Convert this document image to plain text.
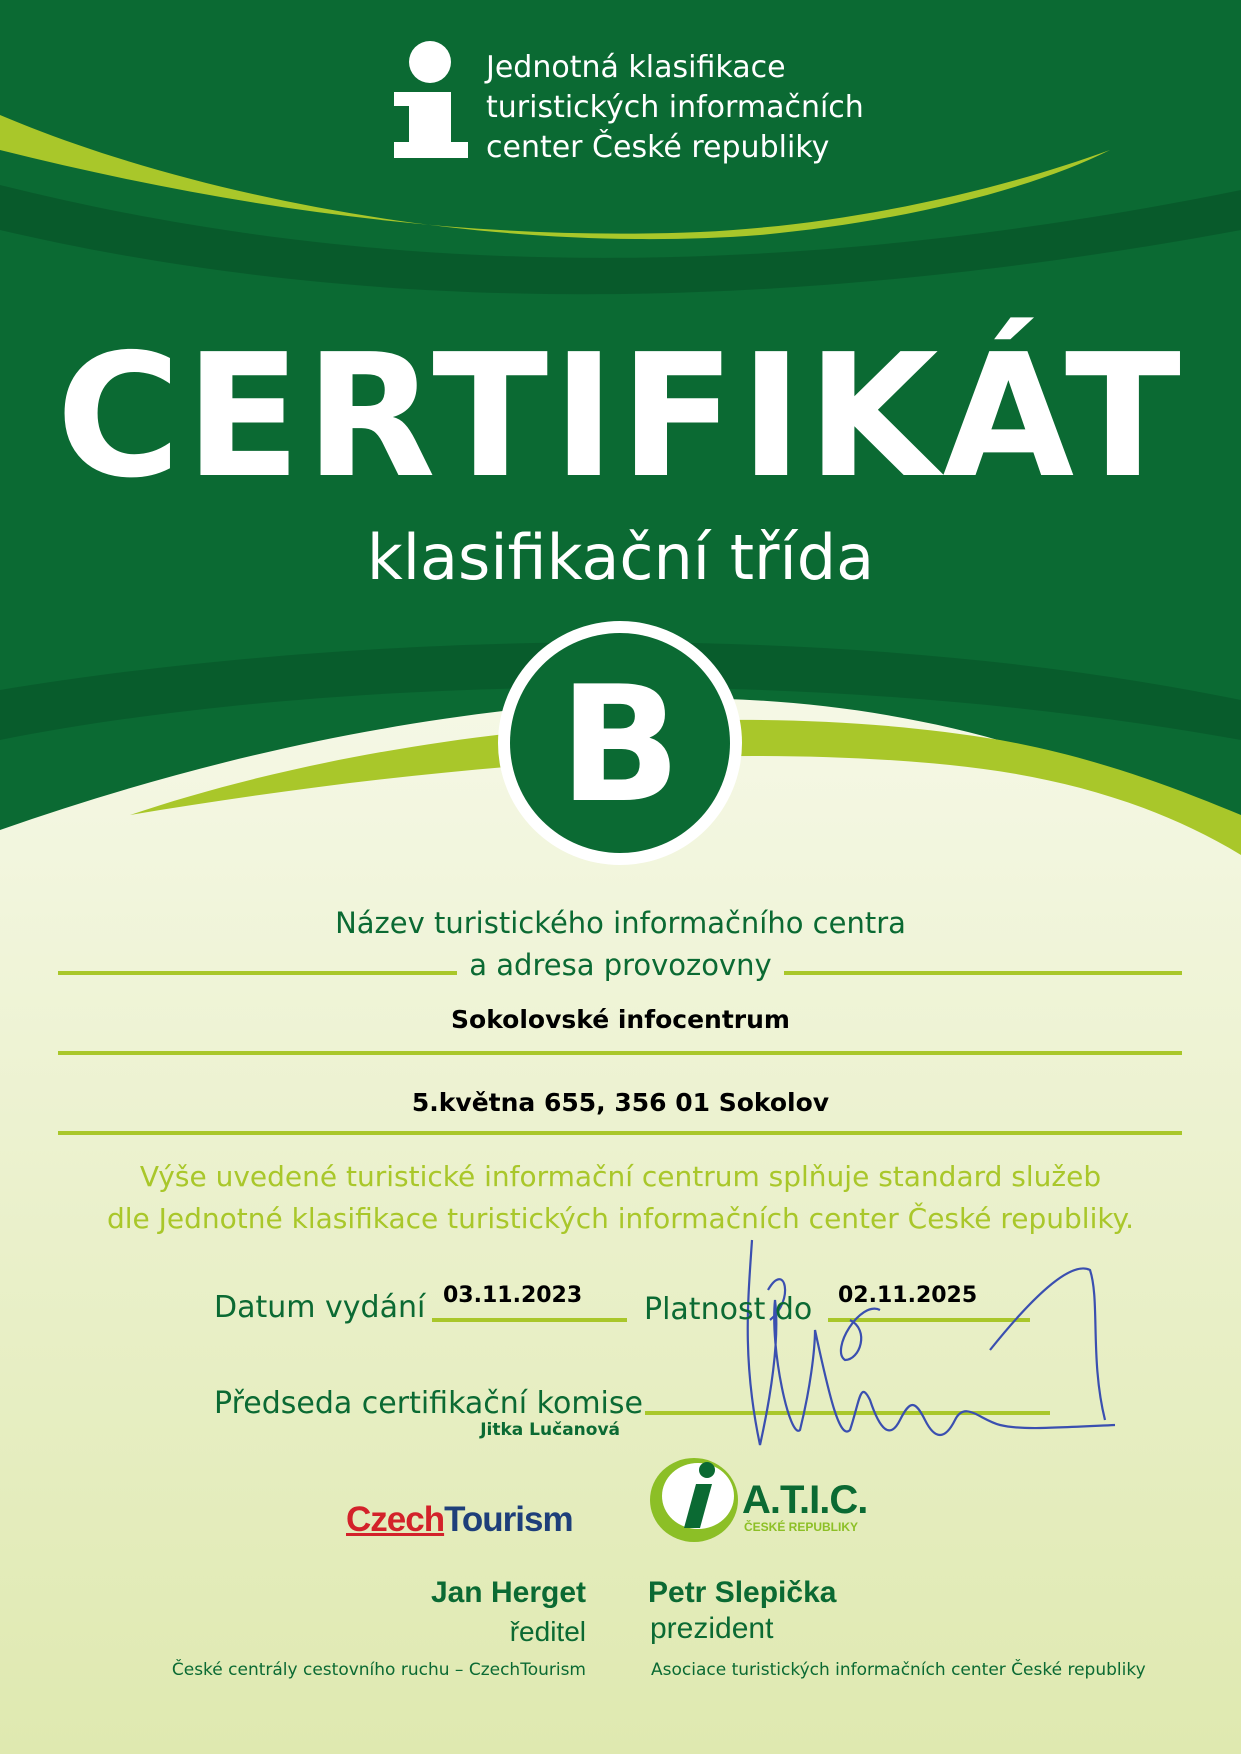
Jednotná klasifikace
turistických informačních
center České republiky
CERTIFIKÁT
klasifikační třída
B
Název turistického informačního centra
a adresa provozovny
Sokolovské infocentrum
5.května 655, 356 01 Sokolov
Výše uvedené turistické informační centrum splňuje standard služeb
dle Jednotné klasifikace turistických informačních center České republiky.
Datum vydání 03.11.2023 Platnost do 02.11.2025
Předseda certifikační komise
Jitka Lučanová
CzechTourism	A.T.I.C.
ČESKÉ REPUBLIKY
Jan Herget
ředitel
České centrály cestovního ruchu – CzechTourism
Petr Slepička
prezident
Asociace turistických informačních center České republiky
